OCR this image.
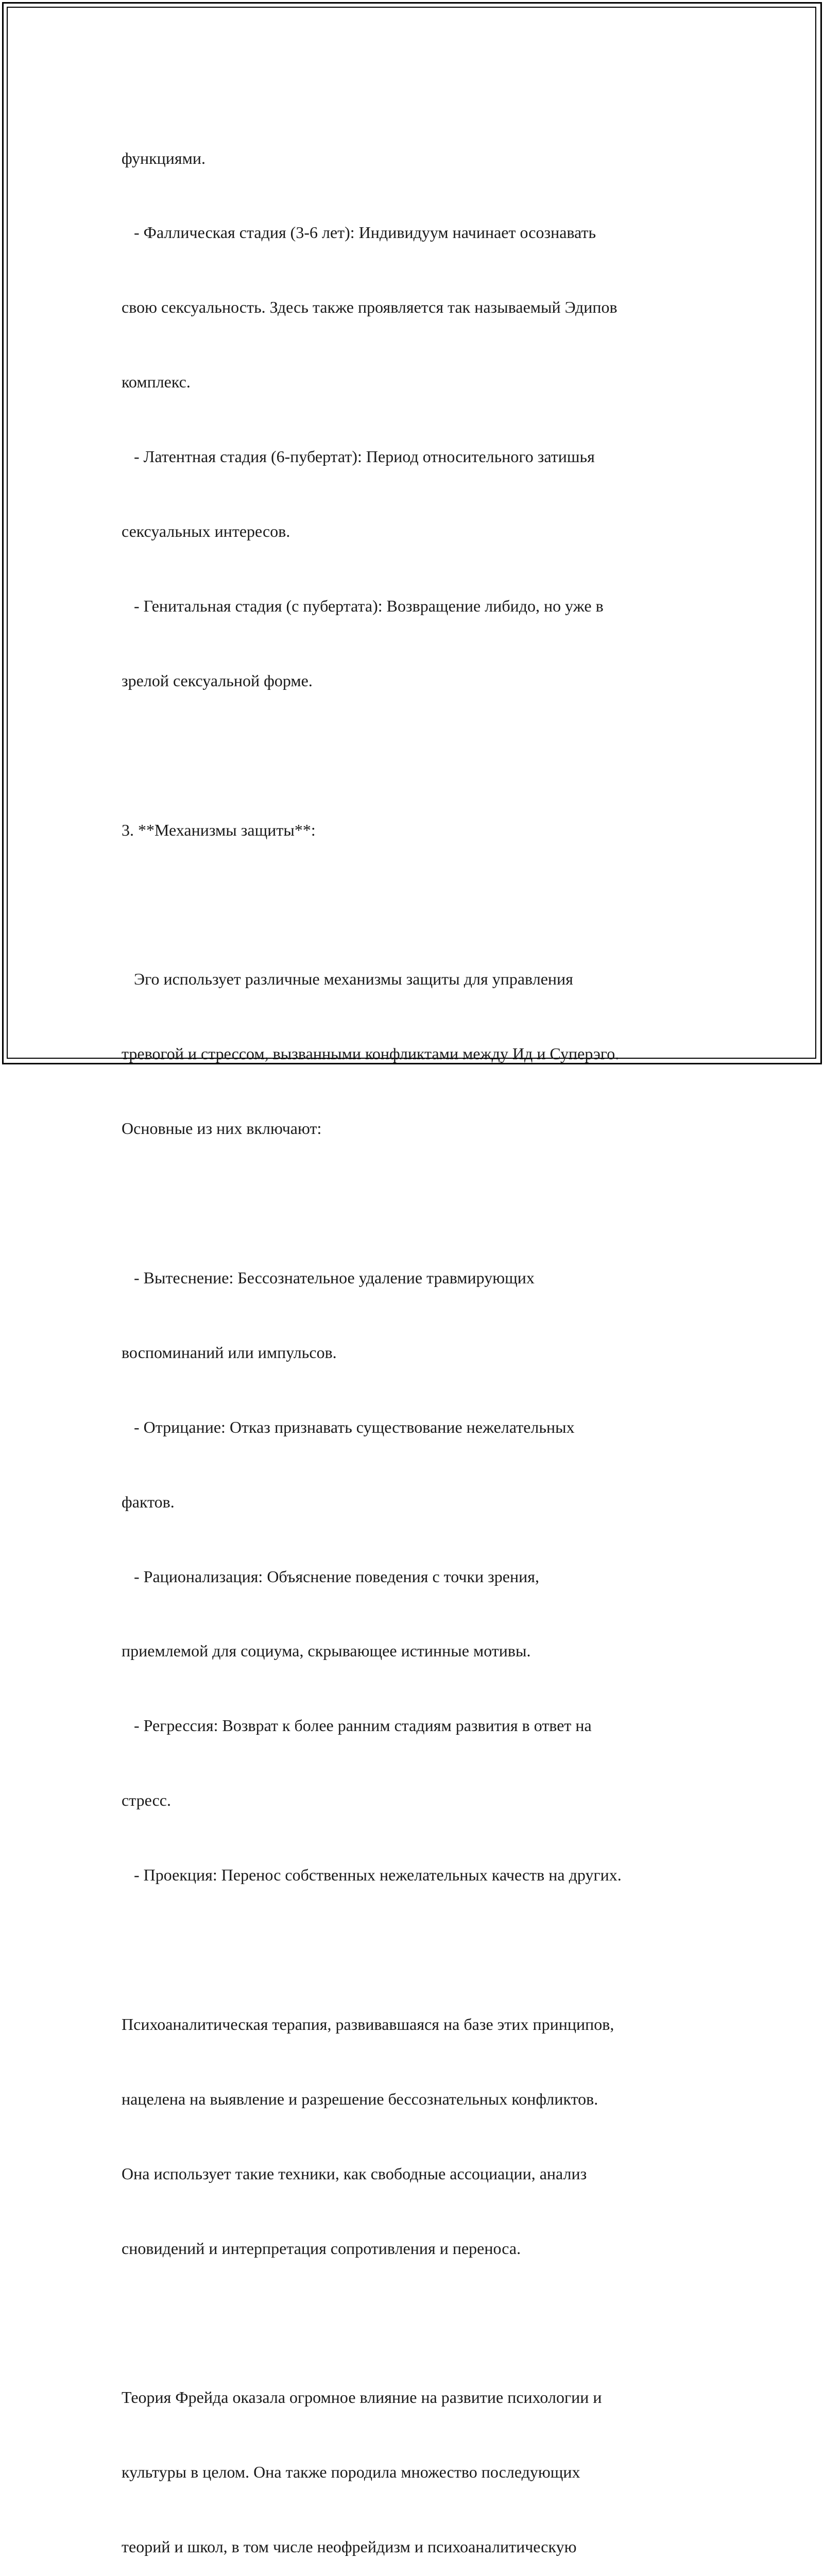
функциями.

- Фаллическая стадия (3-6 лет): Индивидуум начинает осознавать

свою сексуальность. Здесь также проявляется так называемый Эдипов

комплекс.

- Латентная стадия (6-пубертат): Период относительного затишья

сексуальных интересов.

- Генитальная стадия (с пубертата): Возвращение либидо, но уже в

зрелой сексуальной форме.

3. **Механизмы защиты**:

Эго использует различные механизмы защиты для управления

тревогой и стрессом, вызванными конфликтами между Ид и Суперэго.

Основные из них включают:

- Вытеснение: Бессознательное удаление травмирующих

воспоминаний или импульсов.

- Отрицание: Отказ признавать существование нежелательных

фактов.

- Рационализация: Объяснение поведения с точки зрения,

приемлемой для социума, скрывающее истинные мотивы.

- Регрессия: Возврат к более ранним стадиям развития в ответ на

стресс.

- Проекция: Перенос собственных нежелательных качеств на других.

Психоаналитическая терапия, развивавшаяся на базе этих принципов,

нацелена на выявление и разрешение бессознательных конфликтов.

Она использует такие техники, как свободные ассоциации, анализ

сновидений и интерпретация сопротивления и переноса.

Теория Фрейда оказала огромное влияние на развитие психологии и

культуры в целом. Она также породила множество последующих

теорий и школ, в том числе неофрейдизм и психоаналитическую
